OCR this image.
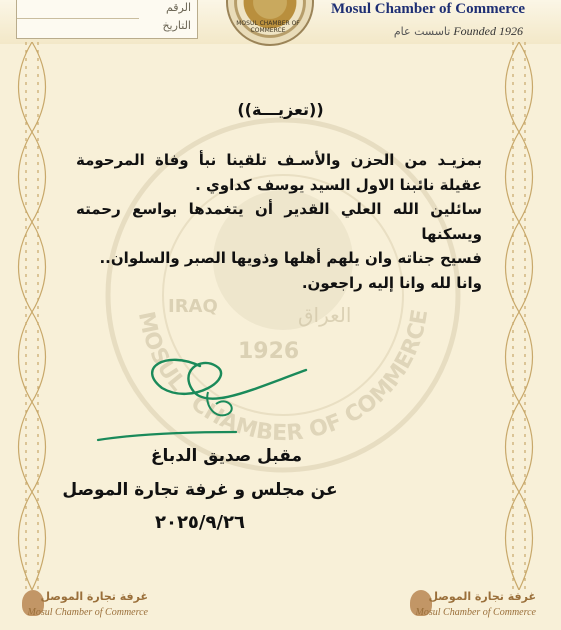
الرقم
التاريخ	MOSUL CHAMBER OF COMMERCE
Mosul Chamber of Commerce
تاسست عام Founded 1926
MOSUL CHAMBER OF COMMERCE
العراق
IRAQ
1926
((تعزيـــة))

بمزيـد من الحزن والأسـف تلقينا نبأ وفاة المرحومة

عقيلة نائبنا الاول السيد يوسف كداوي .

سائلين الله العلي القدير أن يتغمدها بواسع رحمته ويسكنها

فسيح جناته وان يلهم أهلها وذويها الصبر والسلوان..

وانا لله وانا إليه راجعون.

مقبل صديق الدباغ
عن مجلس و غرفة تجارة الموصل
٢٠٢٥/٩/٢٦
غرفة تجارة الموصل
Mosul Chamber of Commerce
غرفة تجارة الموصل
Mosul Chamber of Commerce
